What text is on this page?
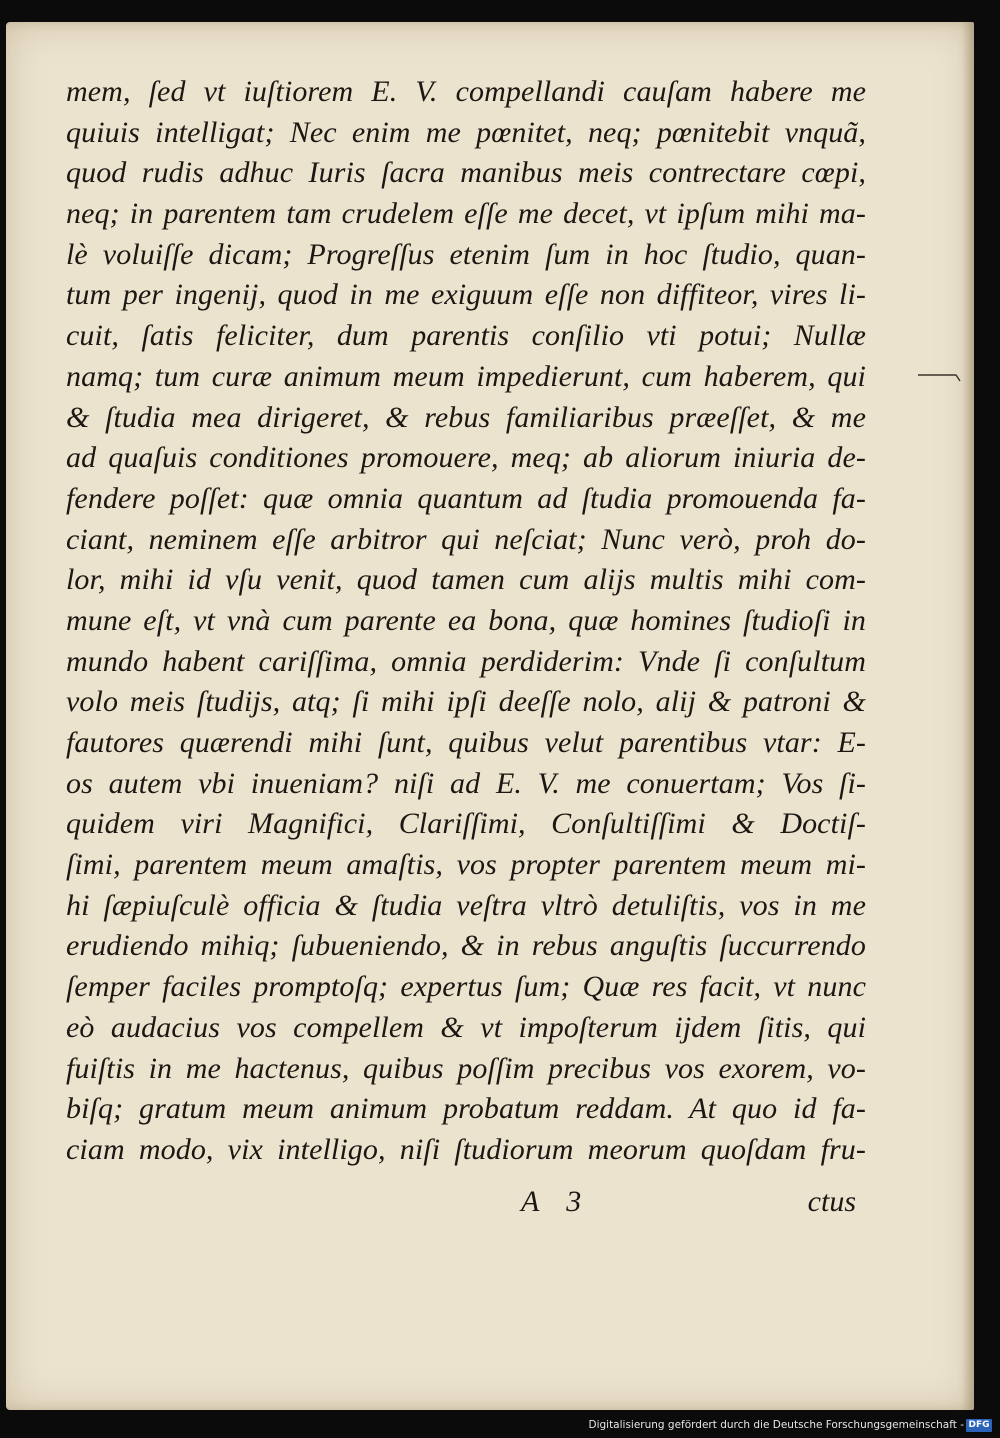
mem, ſed vt iuſtiorem E. V. compellandi cauſam habere me
quiuis intelligat; Nec enim me pœnitet, neq; pœnitebit vnquã,
quod rudis adhuc Iuris ſacra manibus meis contrectare cœpi,
neq; in parentem tam crudelem eſſe me decet, vt ipſum mihi ma-
lè voluiſſe dicam; Progreſſus etenim ſum in hoc ſtudio, quan-
tum per ingenij, quod in me exiguum eſſe non diffiteor, vires li-
cuit, ſatis feliciter, dum parentis conſilio vti potui; Nullæ
namq; tum curæ animum meum impedierunt, cum haberem, qui
& ſtudia mea dirigeret, & rebus familiaribus præeſſet, & me
ad quaſuis conditiones promouere, meq; ab aliorum iniuria de-
fendere poſſet: quæ omnia quantum ad ſtudia promouenda fa-
ciant, neminem eſſe arbitror qui neſciat; Nunc verò, proh do-
lor, mihi id vſu venit, quod tamen cum alijs multis mihi com-
mune eſt, vt vnà cum parente ea bona, quæ homines ſtudioſi in
mundo habent cariſſima, omnia perdiderim: Vnde ſi conſultum
volo meis ſtudijs, atq; ſi mihi ipſi deeſſe nolo, alij & patroni &
fautores quærendi mihi ſunt, quibus velut parentibus vtar: E-
os autem vbi inueniam? niſi ad E. V. me conuertam; Vos ſi-
quidem viri Magnifici, Clariſſimi, Conſultiſſimi & Doctiſ-
ſimi, parentem meum amaſtis, vos propter parentem meum mi-
hi ſæpiuſculè officia & ſtudia veſtra vltrò detuliſtis, vos in me
erudiendo mihiq; ſubueniendo, & in rebus anguſtis ſuccurrendo
ſemper faciles promptoſq; expertus ſum; Quæ res facit, vt nunc
eò audacius vos compellem & vt impoſterum ijdem ſitis, qui
fuiſtis in me hactenus, quibus poſſim precibus vos exorem, vo-
biſq; gratum meum animum probatum reddam. At quo id fa-
ciam modo, vix intelligo, niſi ſtudiorum meorum quoſdam fru-
A 3	ctus
Digitalisierung gefördert durch die Deutsche Forschungsgemeinschaft - DFG
